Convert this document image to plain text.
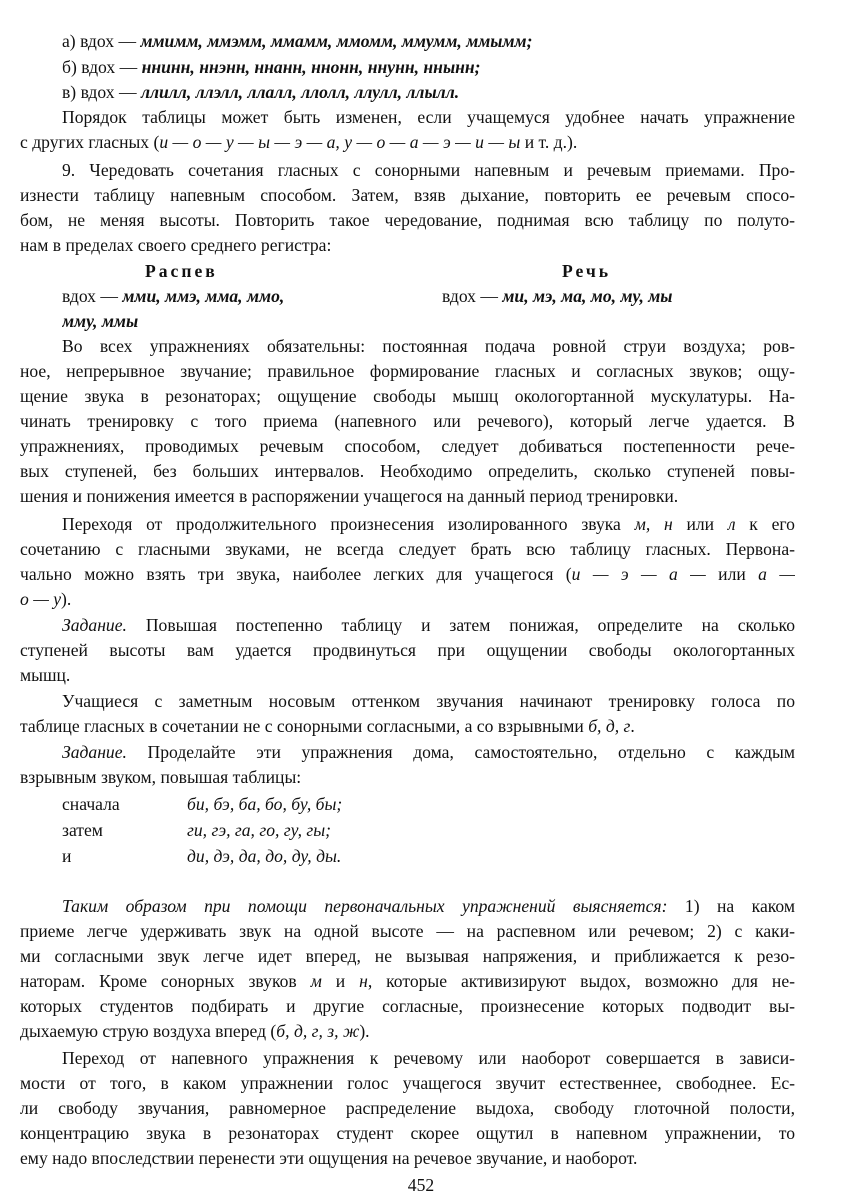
а) вдох — ммимм, ммэмм, ммамм, ммомм, ммумм, ммымм;
б) вдох — ннинн, ннэнн, ннанн, ннонн, ннунн, ннынн;
в) вдох — ллилл, ллэлл, ллалл, ллолл, ллулл, ллылл.
Порядок таблицы может быть изменен, если учащемуся удобнее начать упражнение
с других гласных (и — о — у — ы — э — а, у — о — а — э — и — ы и т. д.).
9. Чередовать сочетания гласных с сонорными напевным и речевым приемами. Про-
изнести таблицу напевным способом. Затем, взяв дыхание, повторить ее речевым спосо-
бом, не меняя высоты. Повторить такое чередование, поднимая всю таблицу по полуто-
нам в пределах своего среднего регистра:
Распев	Речь
вдох — мми, ммэ, мма, ммо,	вдох — ми, мэ, ма, мо, му, мы
мму, ммы
Во всех упражнениях обязательны: постоянная подача ровной струи воздуха; ров-
ное, непрерывное звучание; правильное формирование гласных и согласных звуков; ощу-
щение звука в резонаторах; ощущение свободы мышц окологортанной мускулатуры. На-
чинать тренировку с того приема (напевного или речевого), который легче удается. В
упражнениях, проводимых речевым способом, следует добиваться постепенности рече-
вых ступеней, без больших интервалов. Необходимо определить, сколько ступеней повы-
шения и понижения имеется в распоряжении учащегося на данный период тренировки.
Переходя от продолжительного произнесения изолированного звука м, н или л к его
сочетанию с гласными звуками, не всегда следует брать всю таблицу гласных. Первона-
чально можно взять три звука, наиболее легких для учащегося (и — э — а — или а —
о — у).
Задание. Повышая постепенно таблицу и затем понижая, определите на сколько
ступеней высоты вам удается продвинуться при ощущении свободы окологортанных
мышц.
Учащиеся с заметным носовым оттенком звучания начинают тренировку голоса по
таблице гласных в сочетании не с сонорными согласными, а со взрывными б, д, г.
Задание. Проделайте эти упражнения дома, самостоятельно, отдельно с каждым
взрывным звуком, повышая таблицы:
сначала	би, бэ, ба, бо, бу, бы;
затем	ги, гэ, га, го, гу, гы;
и	ди, дэ, да, до, ду, ды.
Таким образом при помощи первоначальных упражнений выясняется: 1) на каком
приеме легче удерживать звук на одной высоте — на распевном или речевом; 2) с каки-
ми согласными звук легче идет вперед, не вызывая напряжения, и приближается к резо-
наторам. Кроме сонорных звуков м и н, которые активизируют выдох, возможно для не-
которых студентов подбирать и другие согласные, произнесение которых подводит вы-
дыхаемую струю воздуха вперед (б, д, г, з, ж).
Переход от напевного упражнения к речевому или наоборот совершается в зависи-
мости от того, в каком упражнении голос учащегося звучит естественнее, свободнее. Ес-
ли свободу звучания, равномерное распределение выдоха, свободу глоточной полости,
концентрацию звука в резонаторах студент скорее ощутил в напевном упражнении, то
ему надо впоследствии перенести эти ощущения на речевое звучание, и наоборот.
452
